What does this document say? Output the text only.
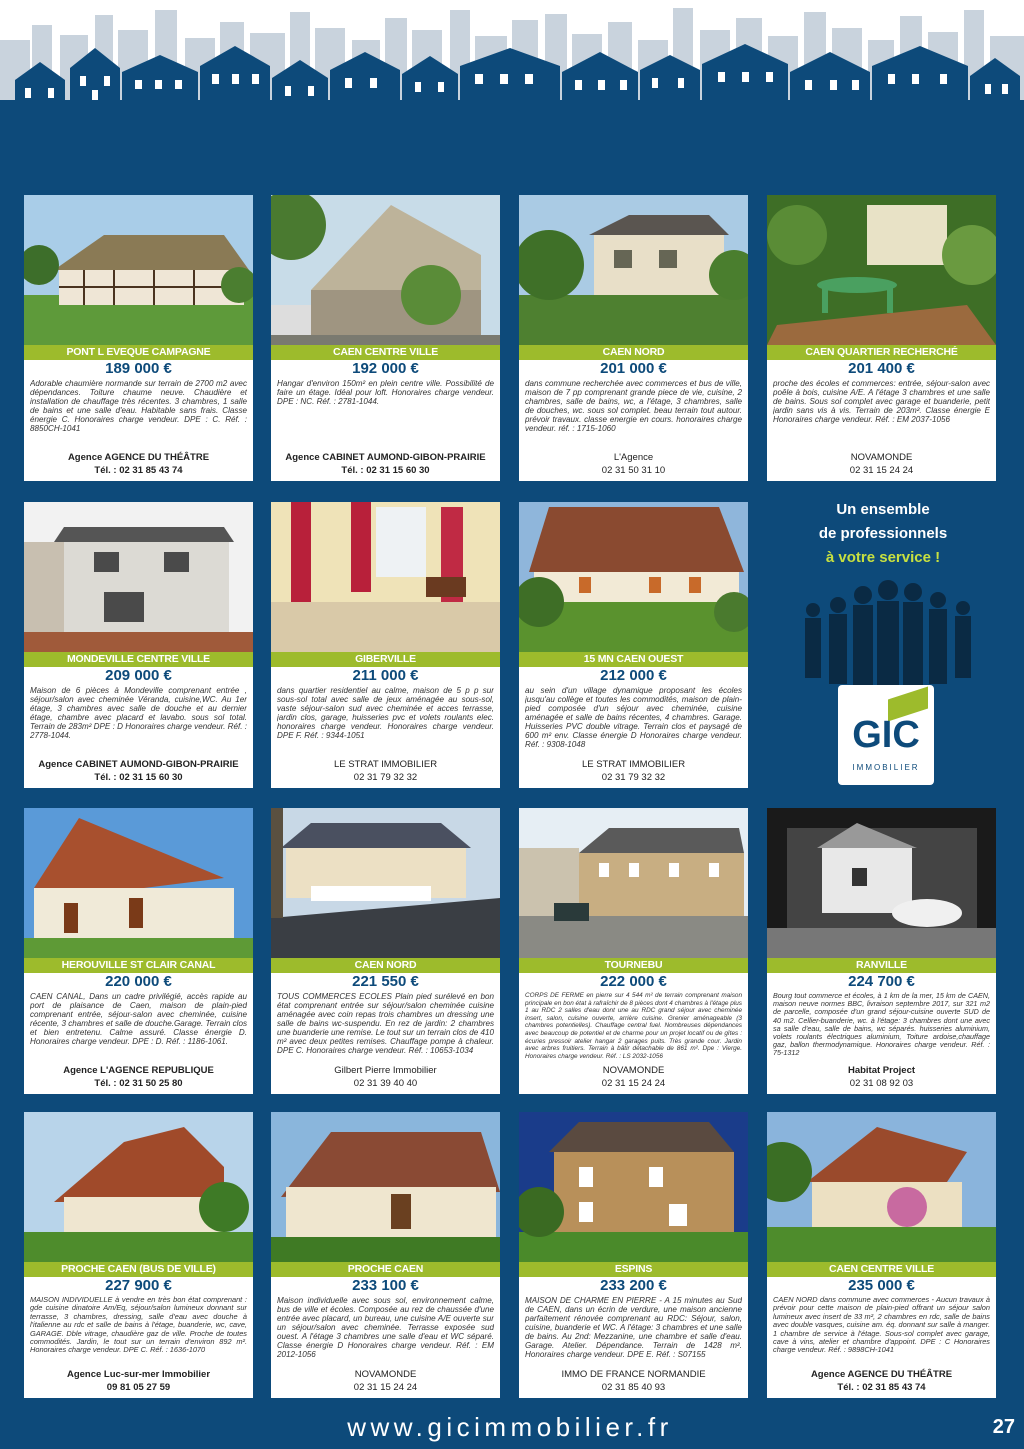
PONT L EVEQUE CAMPAGNE
189 000 €
Adorable chaumière normande sur terrain de 2700 m2 avec dépendances. Toiture chaume neuve. Chaudière et installation de chauffage très récentes. 3 chambres, 1 salle de bains et une salle d'eau. Habitable sans frais. Classe énergie C. Honoraires charge vendeur. DPE : C. Réf. : 8850CH-1041
Agence AGENCE DU THÉÂTRE
Tél. : 02 31 85 43 74
CAEN CENTRE VILLE
192 000 €
Hangar d'environ 150m² en plein centre ville. Possibilité de faire un étage. Idéal pour loft. Honoraires charge vendeur. DPE : NC. Réf. : 2781-1044.
Agence CABINET AUMOND-GIBON-PRAIRIE
Tél. : 02 31 15 60 30
CAEN NORD
201 000 €
dans commune recherchée avec commerces et bus de ville, maison de 7 pp comprenant grande piece de vie, cuisine, 2 chambres, salle de bains, wc, a l'étage, 3 chambres, salle de douches, wc. sous sol complet. beau terrain tout autour. prévoir travaux. classe energie en cours. honoraires charge vendeur. réf. : 1715-1060
L'Agence
02 31 50 31 10
CAEN QUARTIER RECHERCHÉ
201 400 €
proche des écoles et commerces: entrée, séjour-salon avec poêle à bois, cuisine A/E. A l'étage 3 chambres et une salle de bains. Sous sol complet avec garage et buanderie, petit jardin sans vis à vis. Terrain de 203m². Classe énergie E Honoraires charge vendeur. Réf. : EM 2037-1056
NOVAMONDE
02 31 15 24 24
MONDEVILLE CENTRE VILLE
209 000 €
Maison de 6 pièces à Mondeville comprenant entrée , séjour/salon avec cheminée Véranda, cuisine,WC. Au 1er étage, 3 chambres avec salle de douche et au dernier étage, chambre avec placard et lavabo. sous sol total. Terrain de 283m² DPE : D Honoraires charge vendeur. Réf. : 2778-1044.
Agence CABINET AUMOND-GIBON-PRAIRIE
Tél. : 02 31 15 60 30
GIBERVILLE
211 000 €
dans quartier residentiel au calme, maison de 5 p p sur sous-sol total avec salle de jeux aménagée au sous-sol, vaste séjour-salon sud avec cheminée et acces terrasse, jardin clos, garage, huisseries pvc et volets roulants elec. honoraires charge vendeur. Honoraires charge vendeur. DPE F. Réf. : 9344-1051
LE STRAT IMMOBILIER
02 31 79 32 32
15 MN CAEN OUEST
212 000 €
au sein d'un village dynamique proposant les écoles jusqu'au collège et toutes les commodités, maison de plain-pied composée d'un séjour avec cheminée, cuisine aménagée et salle de bains récentes, 4 chambres. Garage. Huisseries PVC double vitrage. Terrain clos et paysagé de 600 m² env. Classe énergie D Honoraires charge vendeur. Réf. : 9308-1048
LE STRAT IMMOBILIER
02 31 79 32 32
Un ensemble
de professionnels
à votre service !
GIC
IMMOBILIER
HEROUVILLE ST CLAIR CANAL
220 000 €
CAEN CANAL, Dans un cadre privilégié, accès rapide au port de plaisance de Caen, maison de plain-pied comprenant entrée, séjour-salon avec cheminée, cuisine récente, 3 chambres et salle de douche.Garage. Terrain clos et bien entretenu. Calme assuré. Classe énergie D. Honoraires charge vendeur. DPE : D. Réf. : 1186-1061.
Agence L'AGENCE REPUBLIQUE
Tél. : 02 31 50 25 80
CAEN NORD
221 550 €
TOUS COMMERCES ECOLES Plain pied surélevé en bon état comprenant entrée sur séjour/salon cheminée cuisine aménagée avec coin repas trois chambres un dressing une salle de bains wc-suspendu. En rez de jardin: 2 chambres une buanderie une remise. Le tout sur un terrain clos de 410 m² avec deux petites remises. Chauffage pompe à chaleur. DPE C. Honoraires charge vendeur. Réf. : 10653-1034
Gilbert Pierre Immobilier
02 31 39 40 40
TOURNEBU
222 000 €
CORPS DE FERME en pierre sur 4 544 m² de terrain comprenant maison principale en bon état à rafraîchir de 8 pièces dont 4 chambres à l'étage plus 1 au RDC 2 salles d'eau dont une au RDC grand séjour avec cheminée insert, salon, cuisine ouverte, arrière cuisine. Grenier aménageable (3 chambres potentielles). Chauffage central fuel. Nombreuses dépendances avec beaucoup de potentiel et de charme pour un projet locatif ou de gîtes : écuries pressoir atelier hangar 2 garages puits. Très grande cour. Jardin avec arbres fruitiers. Terrain à bâtir détachable de 861 m². Dpe : Vierge. Honoraires charge vendeur. Réf. : LS 2032-1056
NOVAMONDE
02 31 15 24 24
RANVILLE
224 700 €
Bourg tout commerce et écoles, à 1 km de la mer, 15 km de CAEN, maison neuve normes BBC, livraison septembre 2017, sur 321 m2 de parcelle, composée d'un grand séjour-cuisine ouverte SUD de 40 m2. Cellier-buanderie, wc. à l'étage: 3 chambres dont une avec sa salle d'eau, salle de bains, wc séparés. huisseries aluminium, volets roulants électriques aluminium, Toiture ardoise,chauffage gaz, ballon thermodynamique. Honoraires charge vendeur. Réf. : 75-1312
Habitat Project
02 31 08 92 03
PROCHE CAEN (BUS DE VILLE)
227 900 €
MAISON INDIVIDUELLE à vendre en très bon état comprenant : gde cuisine dinatoire Am/Eq, séjour/salon lumineux donnant sur terrasse, 3 chambres, dressing, salle d'eau avec douche à l'italienne au rdc et salle de bains à l'étage, buanderie, wc, cave, GARAGE. Dble vitrage, chaudière gaz de ville. Proche de toutes commodités. Jardin, le tout sur un terrain d'environ 892 m². Honoraires charge vendeur. DPE C. Réf. : 1636-1070
Agence Luc-sur-mer Immobilier
09 81 05 27 59
PROCHE CAEN
233 100 €
Maison individuelle avec sous sol, environnement calme, bus de ville et écoles. Composée au rez de chaussée d'une entrée avec placard, un bureau, une cuisine A/E ouverte sur un séjour/salon avec cheminée. Terrasse exposée sud ouest. A l'étage 3 chambres une salle d'eau et WC séparé. Classe énergie D Honoraires charge vendeur. Réf. : EM 2012-1056
NOVAMONDE
02 31 15 24 24
ESPINS
233 200 €
MAISON DE CHARME EN PIERRE - A 15 minutes au Sud de CAEN, dans un écrin de verdure, une maison ancienne parfaitement rénovée comprenant au RDC: Séjour, salon, cuisine, buanderie et WC. A l'étage: 3 chambres et une salle de bains. Au 2nd: Mezzanine, une chambre et salle d'eau. Garage. Atelier. Dépendance. Terrain de 1428 m². Honoraires charge vendeur. DPE E. Réf. : S07155
IMMO DE FRANCE NORMANDIE
02 31 85 40 93
CAEN CENTRE VILLE
235 000 €
CAEN NORD dans commune avec commerces - Aucun travaux à prévoir pour cette maison de plain-pied offrant un séjour salon lumineux avec insert de 33 m², 2 chambres en rdc, salle de bains avec double vasques, cuisine am. éq. donnant sur salle à manger. 1 chambre de service à l'étage. Sous-sol complet avec garage, cave à vins, atelier et chambre d'appoint. DPE : C Honoraires charge vendeur. Réf. : 9898CH-1041
Agence AGENCE DU THÉÂTRE
Tél. : 02 31 85 43 74
www.gicimmobilier.fr	27
